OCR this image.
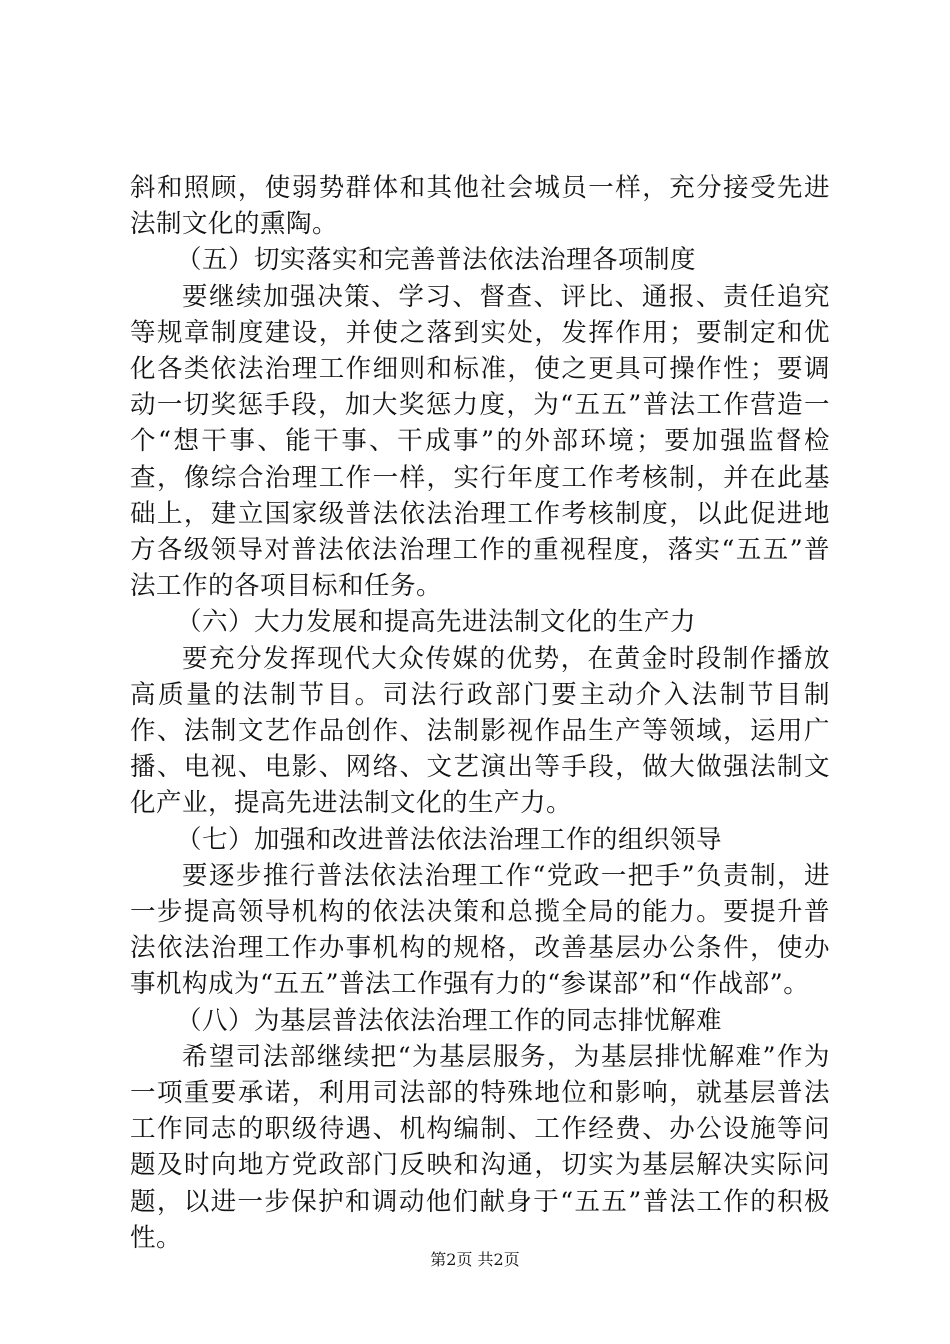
斜和照顾，使弱势群体和其他社会城员一样，充分接受先进法制文化的熏陶。

（五）切实落实和完善普法依法治理各项制度

要继续加强决策、学习、督查、评比、通报、责任追究等规章制度建设，并使之落到实处，发挥作用；要制定和优化各类依法治理工作细则和标准，使之更具可操作性；要调动一切奖惩手段，加大奖惩力度，为“五五”普法工作营造一个“想干事、能干事、干成事”的外部环境；要加强监督检查，像综合治理工作一样，实行年度工作考核制，并在此基础上，建立国家级普法依法治理工作考核制度，以此促进地方各级领导对普法依法治理工作的重视程度，落实“五五”普法工作的各项目标和任务。

（六）大力发展和提高先进法制文化的生产力

要充分发挥现代大众传媒的优势，在黄金时段制作播放高质量的法制节目。司法行政部门要主动介入法制节目制作、法制文艺作品创作、法制影视作品生产等领域，运用广播、电视、电影、网络、文艺演出等手段，做大做强法制文化产业，提高先进法制文化的生产力。

（七）加强和改进普法依法治理工作的组织领导

要逐步推行普法依法治理工作“党政一把手”负责制，进一步提高领导机构的依法决策和总揽全局的能力。要提升普法依法治理工作办事机构的规格，改善基层办公条件，使办事机构成为“五五”普法工作强有力的“参谋部”和“作战部”。

（八）为基层普法依法治理工作的同志排忧解难

希望司法部继续把“为基层服务，为基层排忧解难”作为一项重要承诺，利用司法部的特殊地位和影响，就基层普法工作同志的职级待遇、机构编制、工作经费、办公设施等问题及时向地方党政部门反映和沟通，切实为基层解决实际问题，以进一步保护和调动他们献身于“五五”普法工作的积极性。

第2页 共2页
